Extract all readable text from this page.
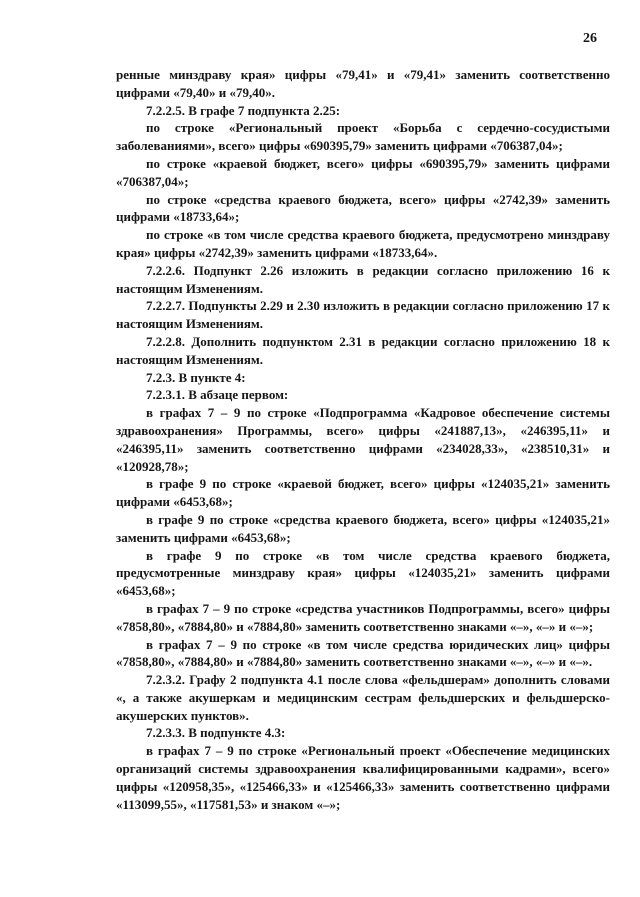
26

ренные минздраву края» цифры «79,41» и «79,41» заменить соответственно цифрами «79,40» и «79,40».

7.2.2.5. В графе 7 подпункта 2.25:

по строке «Региональный проект «Борьба с сердечно-сосудистыми заболеваниями», всего» цифры «690395,79» заменить цифрами «706387,04»;

по строке «краевой бюджет, всего» цифры «690395,79» заменить цифрами «706387,04»;

по строке «средства краевого бюджета, всего» цифры «2742,39» заменить цифрами «18733,64»;

по строке «в том числе средства краевого бюджета, предусмотрено минздраву края» цифры «2742,39» заменить цифрами «18733,64».

7.2.2.6. Подпункт 2.26 изложить в редакции согласно приложению 16 к настоящим Изменениям.

7.2.2.7. Подпункты 2.29 и 2.30 изложить в редакции согласно приложению 17 к настоящим Изменениям.

7.2.2.8. Дополнить подпунктом 2.31 в редакции согласно приложению 18 к настоящим Изменениям.

7.2.3. В пункте 4:

7.2.3.1. В абзаце первом:

в графах 7 – 9 по строке «Подпрограмма «Кадровое обеспечение системы здравоохранения» Программы, всего» цифры «241887,13», «246395,11» и «246395,11» заменить соответственно цифрами «234028,33», «238510,31» и «120928,78»;

в графе 9 по строке «краевой бюджет, всего» цифры «124035,21» заменить цифрами «6453,68»;

в графе 9 по строке «средства краевого бюджета, всего» цифры «124035,21» заменить цифрами «6453,68»;

в графе 9 по строке «в том числе средства краевого бюджета, предусмотренные минздраву края» цифры «124035,21» заменить цифрами «6453,68»;

в графах 7 – 9 по строке «средства участников Подпрограммы, всего» цифры «7858,80», «7884,80» и «7884,80» заменить соответственно знаками «–», «–» и «–»;

в графах 7 – 9 по строке «в том числе средства юридических лиц» цифры «7858,80», «7884,80» и «7884,80» заменить соответственно знаками «–», «–» и «–».

7.2.3.2. Графу 2 подпункта 4.1 после слова «фельдшерам» дополнить словами «, а также акушеркам и медицинским сестрам фельдшерских и фельдшерско-акушерских пунктов».

7.2.3.3. В подпункте 4.3:

в графах 7 – 9 по строке «Региональный проект «Обеспечение медицинских организаций системы здравоохранения квалифицированными кадрами», всего» цифры «120958,35», «125466,33» и «125466,33» заменить соответственно цифрами «113099,55», «117581,53» и знаком «–»;
